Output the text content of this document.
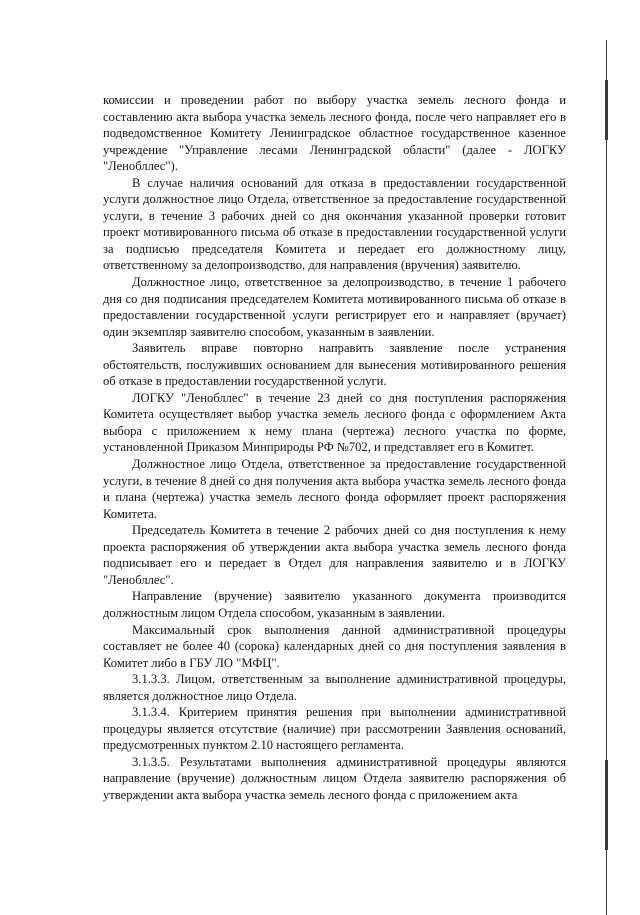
комиссии и проведении работ по выбору участка земель лесного фонда и составлению акта выбора участка земель лесного фонда, после чего направляет его в подведомственное Комитету Ленинградское областное государственное казенное учреждение "Управление лесами Ленинградской области" (далее - ЛОГКУ "Ленобллес").

В случае наличия оснований для отказа в предоставлении государственной услуги должностное лицо Отдела, ответственное за предоставление государственной услуги, в течение 3 рабочих дней со дня окончания указанной проверки готовит проект мотивированного письма об отказе в предоставлении государственной услуги за подписью председателя Комитета и передает его должностному лицу, ответственному за делопроизводство, для направления (вручения) заявителю.

Должностное лицо, ответственное за делопроизводство, в течение 1 рабочего дня со дня подписания председателем Комитета мотивированного письма об отказе в предоставлении государственной услуги регистрирует его и направляет (вручает) один экземпляр заявителю способом, указанным в заявлении.

Заявитель вправе повторно направить заявление после устранения обстоятельств, послуживших основанием для вынесения мотивированного решения об отказе в предоставлении государственной услуги.

ЛОГКУ "Ленобллес" в течение 23 дней со дня поступления распоряжения Комитета осуществляет выбор участка земель лесного фонда с оформлением Акта выбора с приложением к нему плана (чертежа) лесного участка по форме, установленной Приказом Минприроды РФ №702, и представляет его в Комитет.

Должностное лицо Отдела, ответственное за предоставление государственной услуги, в течение 8 дней со дня получения акта выбора участка земель лесного фонда и плана (чертежа) участка земель лесного фонда оформляет проект распоряжения Комитета.

Председатель Комитета в течение 2 рабочих дней со дня поступления к нему проекта распоряжения об утверждении акта выбора участка земель лесного фонда подписывает его и передает в Отдел для направления заявителю и в ЛОГКУ "Ленобллес".

Направление (вручение) заявителю указанного документа производится должностным лицом Отдела способом, указанным в заявлении.

Максимальный срок выполнения данной административной процедуры составляет не более 40 (сорока) календарных дней со дня поступления заявления в Комитет либо в ГБУ ЛО "МФЦ".

3.1.3.3. Лицом, ответственным за выполнение административной процедуры, является должностное лицо Отдела.

3.1.3.4. Критерием принятия решения при выполнении административной процедуры является отсутствие (наличие) при рассмотрении Заявления оснований, предусмотренных пунктом 2.10 настоящего регламента.

3.1.3.5. Результатами выполнения административной процедуры являются направление (вручение) должностным лицом Отдела заявителю распоряжения об утверждении акта выбора участка земель лесного фонда с приложением акта
